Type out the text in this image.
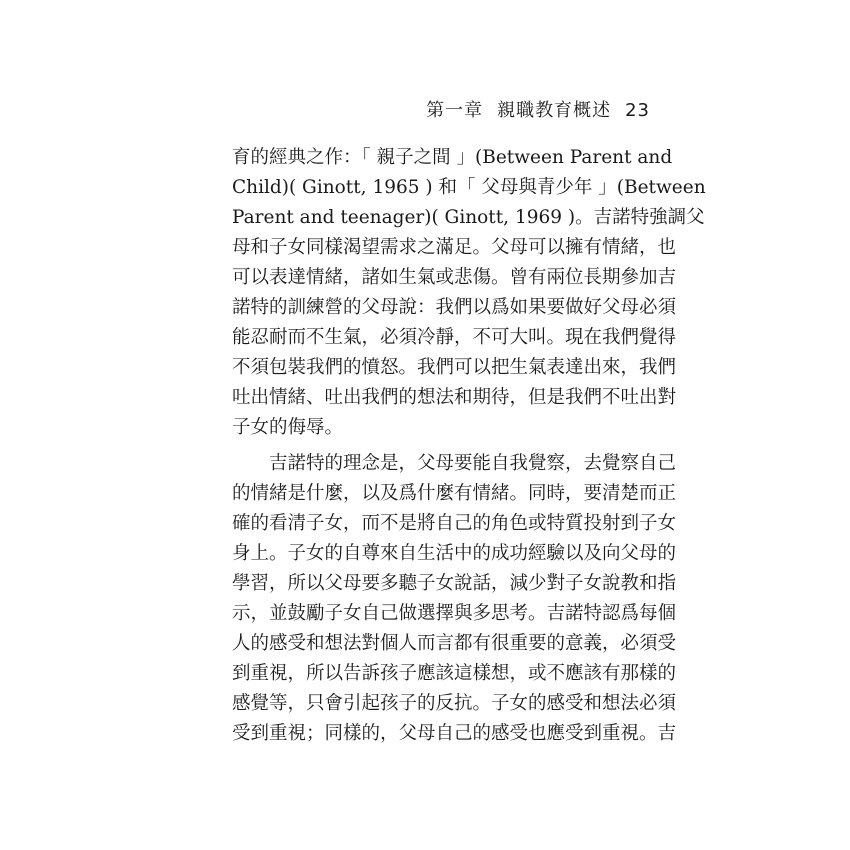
第一章 親職教育概述 23
育的經典之作：「 親子之間 」(Between Parent and
Child)( Ginott, 1965 ) 和「 父母與青少年 」(Between
Parent and teenager)( Ginott, 1969 )。吉諾特強調父
母和子女同樣渴望需求之滿足。父母可以擁有情緒，也
可以表達情緒，諸如生氣或悲傷。曾有兩位長期參加吉
諾特的訓練營的父母說：我們以爲如果要做好父母必須
能忍耐而不生氣，必須冷靜，不可大叫。現在我們覺得
不須包裝我們的憤怒。我們可以把生氣表達出來，我們
吐出情緒、吐出我們的想法和期待，但是我們不吐出對
子女的侮辱。
　　吉諾特的理念是，父母要能自我覺察，去覺察自己
的情緒是什麼，以及爲什麼有情緒。同時，要清楚而正
確的看清子女，而不是將自己的角色或特質投射到子女
身上。子女的自尊來自生活中的成功經驗以及向父母的
學習，所以父母要多聽子女說話，減少對子女說教和指
示，並鼓勵子女自己做選擇與多思考。吉諾特認爲每個
人的感受和想法對個人而言都有很重要的意義，必須受
到重視，所以告訴孩子應該這樣想，或不應該有那樣的
感覺等，只會引起孩子的反抗。子女的感受和想法必須
受到重視；同樣的，父母自己的感受也應受到重視。吉
